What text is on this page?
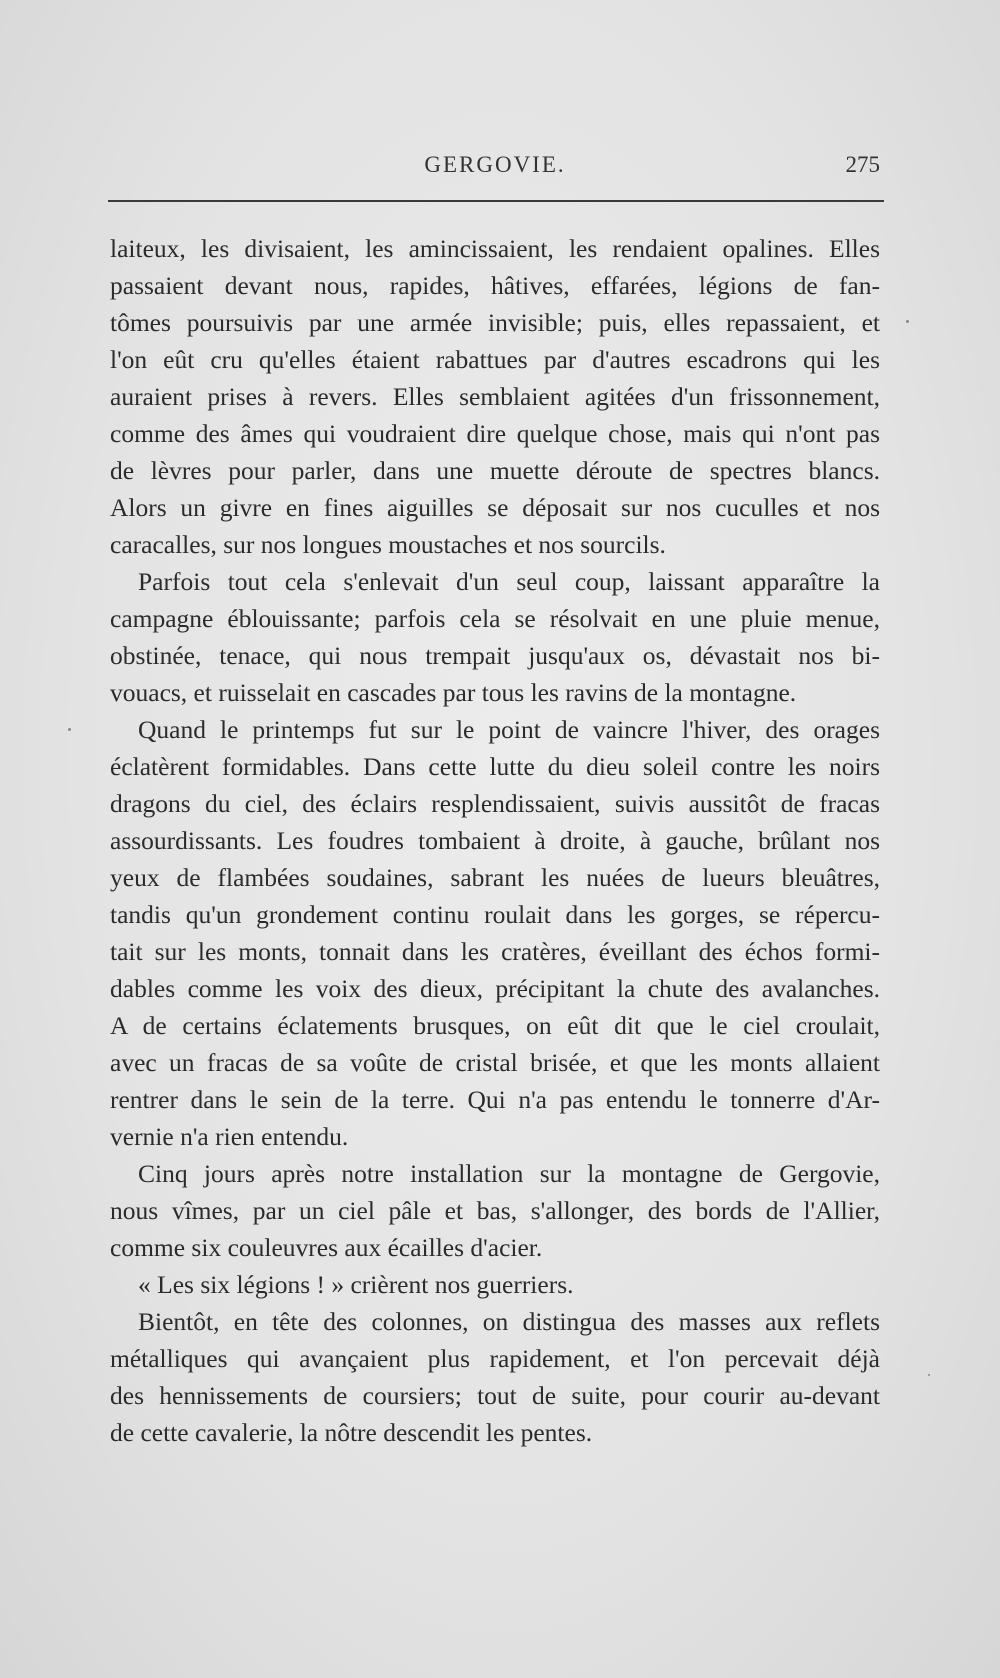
GERGOVIE.	275
laiteux, les divisaient, les amincissaient, les rendaient opalines. Elles
passaient devant nous, rapides, hâtives, effarées, légions de fan-
tômes poursuivis par une armée invisible; puis, elles repassaient, et
l'on eût cru qu'elles étaient rabattues par d'autres escadrons qui les
auraient prises à revers. Elles semblaient agitées d'un frissonnement,
comme des âmes qui voudraient dire quelque chose, mais qui n'ont pas
de lèvres pour parler, dans une muette déroute de spectres blancs.
Alors un givre en fines aiguilles se déposait sur nos cuculles et nos
caracalles, sur nos longues moustaches et nos sourcils.
Parfois tout cela s'enlevait d'un seul coup, laissant apparaître la
campagne éblouissante; parfois cela se résolvait en une pluie menue,
obstinée, tenace, qui nous trempait jusqu'aux os, dévastait nos bi-
vouacs, et ruisselait en cascades par tous les ravins de la montagne.
Quand le printemps fut sur le point de vaincre l'hiver, des orages
éclatèrent formidables. Dans cette lutte du dieu soleil contre les noirs
dragons du ciel, des éclairs resplendissaient, suivis aussitôt de fracas
assourdissants. Les foudres tombaient à droite, à gauche, brûlant nos
yeux de flambées soudaines, sabrant les nuées de lueurs bleuâtres,
tandis qu'un grondement continu roulait dans les gorges, se répercu-
tait sur les monts, tonnait dans les cratères, éveillant des échos formi-
dables comme les voix des dieux, précipitant la chute des avalanches.
A de certains éclatements brusques, on eût dit que le ciel croulait,
avec un fracas de sa voûte de cristal brisée, et que les monts allaient
rentrer dans le sein de la terre. Qui n'a pas entendu le tonnerre d'Ar-
vernie n'a rien entendu.
Cinq jours après notre installation sur la montagne de Gergovie,
nous vîmes, par un ciel pâle et bas, s'allonger, des bords de l'Allier,
comme six couleuvres aux écailles d'acier.
« Les six légions ! » crièrent nos guerriers.
Bientôt, en tête des colonnes, on distingua des masses aux reflets
métalliques qui avançaient plus rapidement, et l'on percevait déjà
des hennissements de coursiers; tout de suite, pour courir au-devant
de cette cavalerie, la nôtre descendit les pentes.
